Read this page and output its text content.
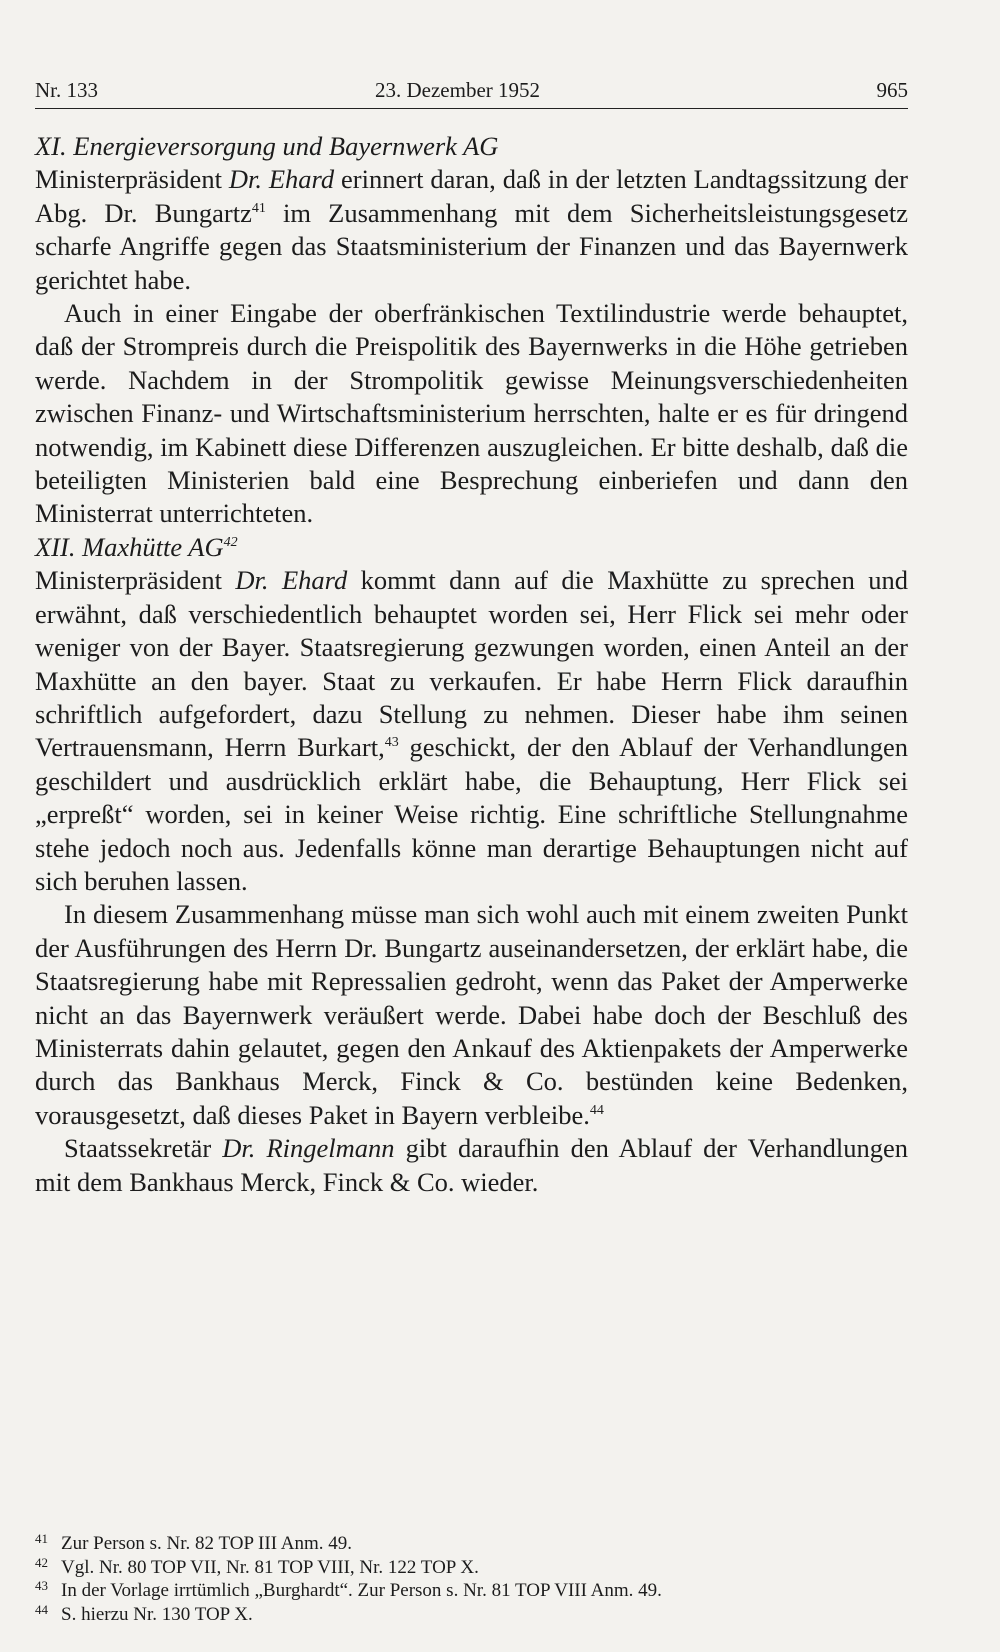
Nr. 133	23. Dezember 1952	965

XI. Energieversorgung und Bayernwerk AG

Ministerpräsident Dr. Ehard erinnert daran, daß in der letzten Landtagssitzung der Abg. Dr. Bungartz$^{41}$ im Zusammenhang mit dem Sicherheitsleistungsgesetz scharfe Angriffe gegen das Staatsministerium der Finanzen und das Bayernwerk gerichtet habe.

Auch in einer Eingabe der oberfränkischen Textilindustrie werde behauptet, daß der Strompreis durch die Preispolitik des Bayernwerks in die Höhe getrieben werde. Nachdem in der Strompolitik gewisse Meinungsverschiedenheiten zwischen Finanz- und Wirtschaftsministerium herrschten, halte er es für dringend notwendig, im Kabinett diese Differenzen auszugleichen. Er bitte deshalb, daß die beteiligten Ministerien bald eine Besprechung einberiefen und dann den Ministerrat unterrichteten.

XII. Maxhütte AG$^{42}$

Ministerpräsident Dr. Ehard kommt dann auf die Maxhütte zu sprechen und erwähnt, daß verschiedentlich behauptet worden sei, Herr Flick sei mehr oder weniger von der Bayer. Staatsregierung gezwungen worden, einen Anteil an der Maxhütte an den bayer. Staat zu verkaufen. Er habe Herrn Flick daraufhin schriftlich aufgefordert, dazu Stellung zu nehmen. Dieser habe ihm seinen Vertrauensmann, Herrn Burkart,$^{43}$ geschickt, der den Ablauf der Verhandlungen geschildert und ausdrücklich erklärt habe, die Behauptung, Herr Flick sei „erpreßt“ worden, sei in keiner Weise richtig. Eine schriftliche Stellungnahme stehe jedoch noch aus. Jedenfalls könne man derartige Behauptungen nicht auf sich beruhen lassen.

In diesem Zusammenhang müsse man sich wohl auch mit einem zweiten Punkt der Ausführungen des Herrn Dr. Bungartz auseinandersetzen, der erklärt habe, die Staatsregierung habe mit Repressalien gedroht, wenn das Paket der Amperwerke nicht an das Bayernwerk veräußert werde. Dabei habe doch der Beschluß des Ministerrats dahin gelautet, gegen den Ankauf des Aktienpakets der Amperwerke durch das Bankhaus Merck, Finck & Co. bestünden keine Bedenken, vorausgesetzt, daß dieses Paket in Bayern verbleibe.$^{44}$

Staatssekretär Dr. Ringelmann gibt daraufhin den Ablauf der Verhandlungen mit dem Bankhaus Merck, Finck & Co. wieder.

41 Zur Person s. Nr. 82 TOP III Anm. 49.
42 Vgl. Nr. 80 TOP VII, Nr. 81 TOP VIII, Nr. 122 TOP X.
43 In der Vorlage irrtümlich „Burghardt“. Zur Person s. Nr. 81 TOP VIII Anm. 49.
44 S. hierzu Nr. 130 TOP X.
